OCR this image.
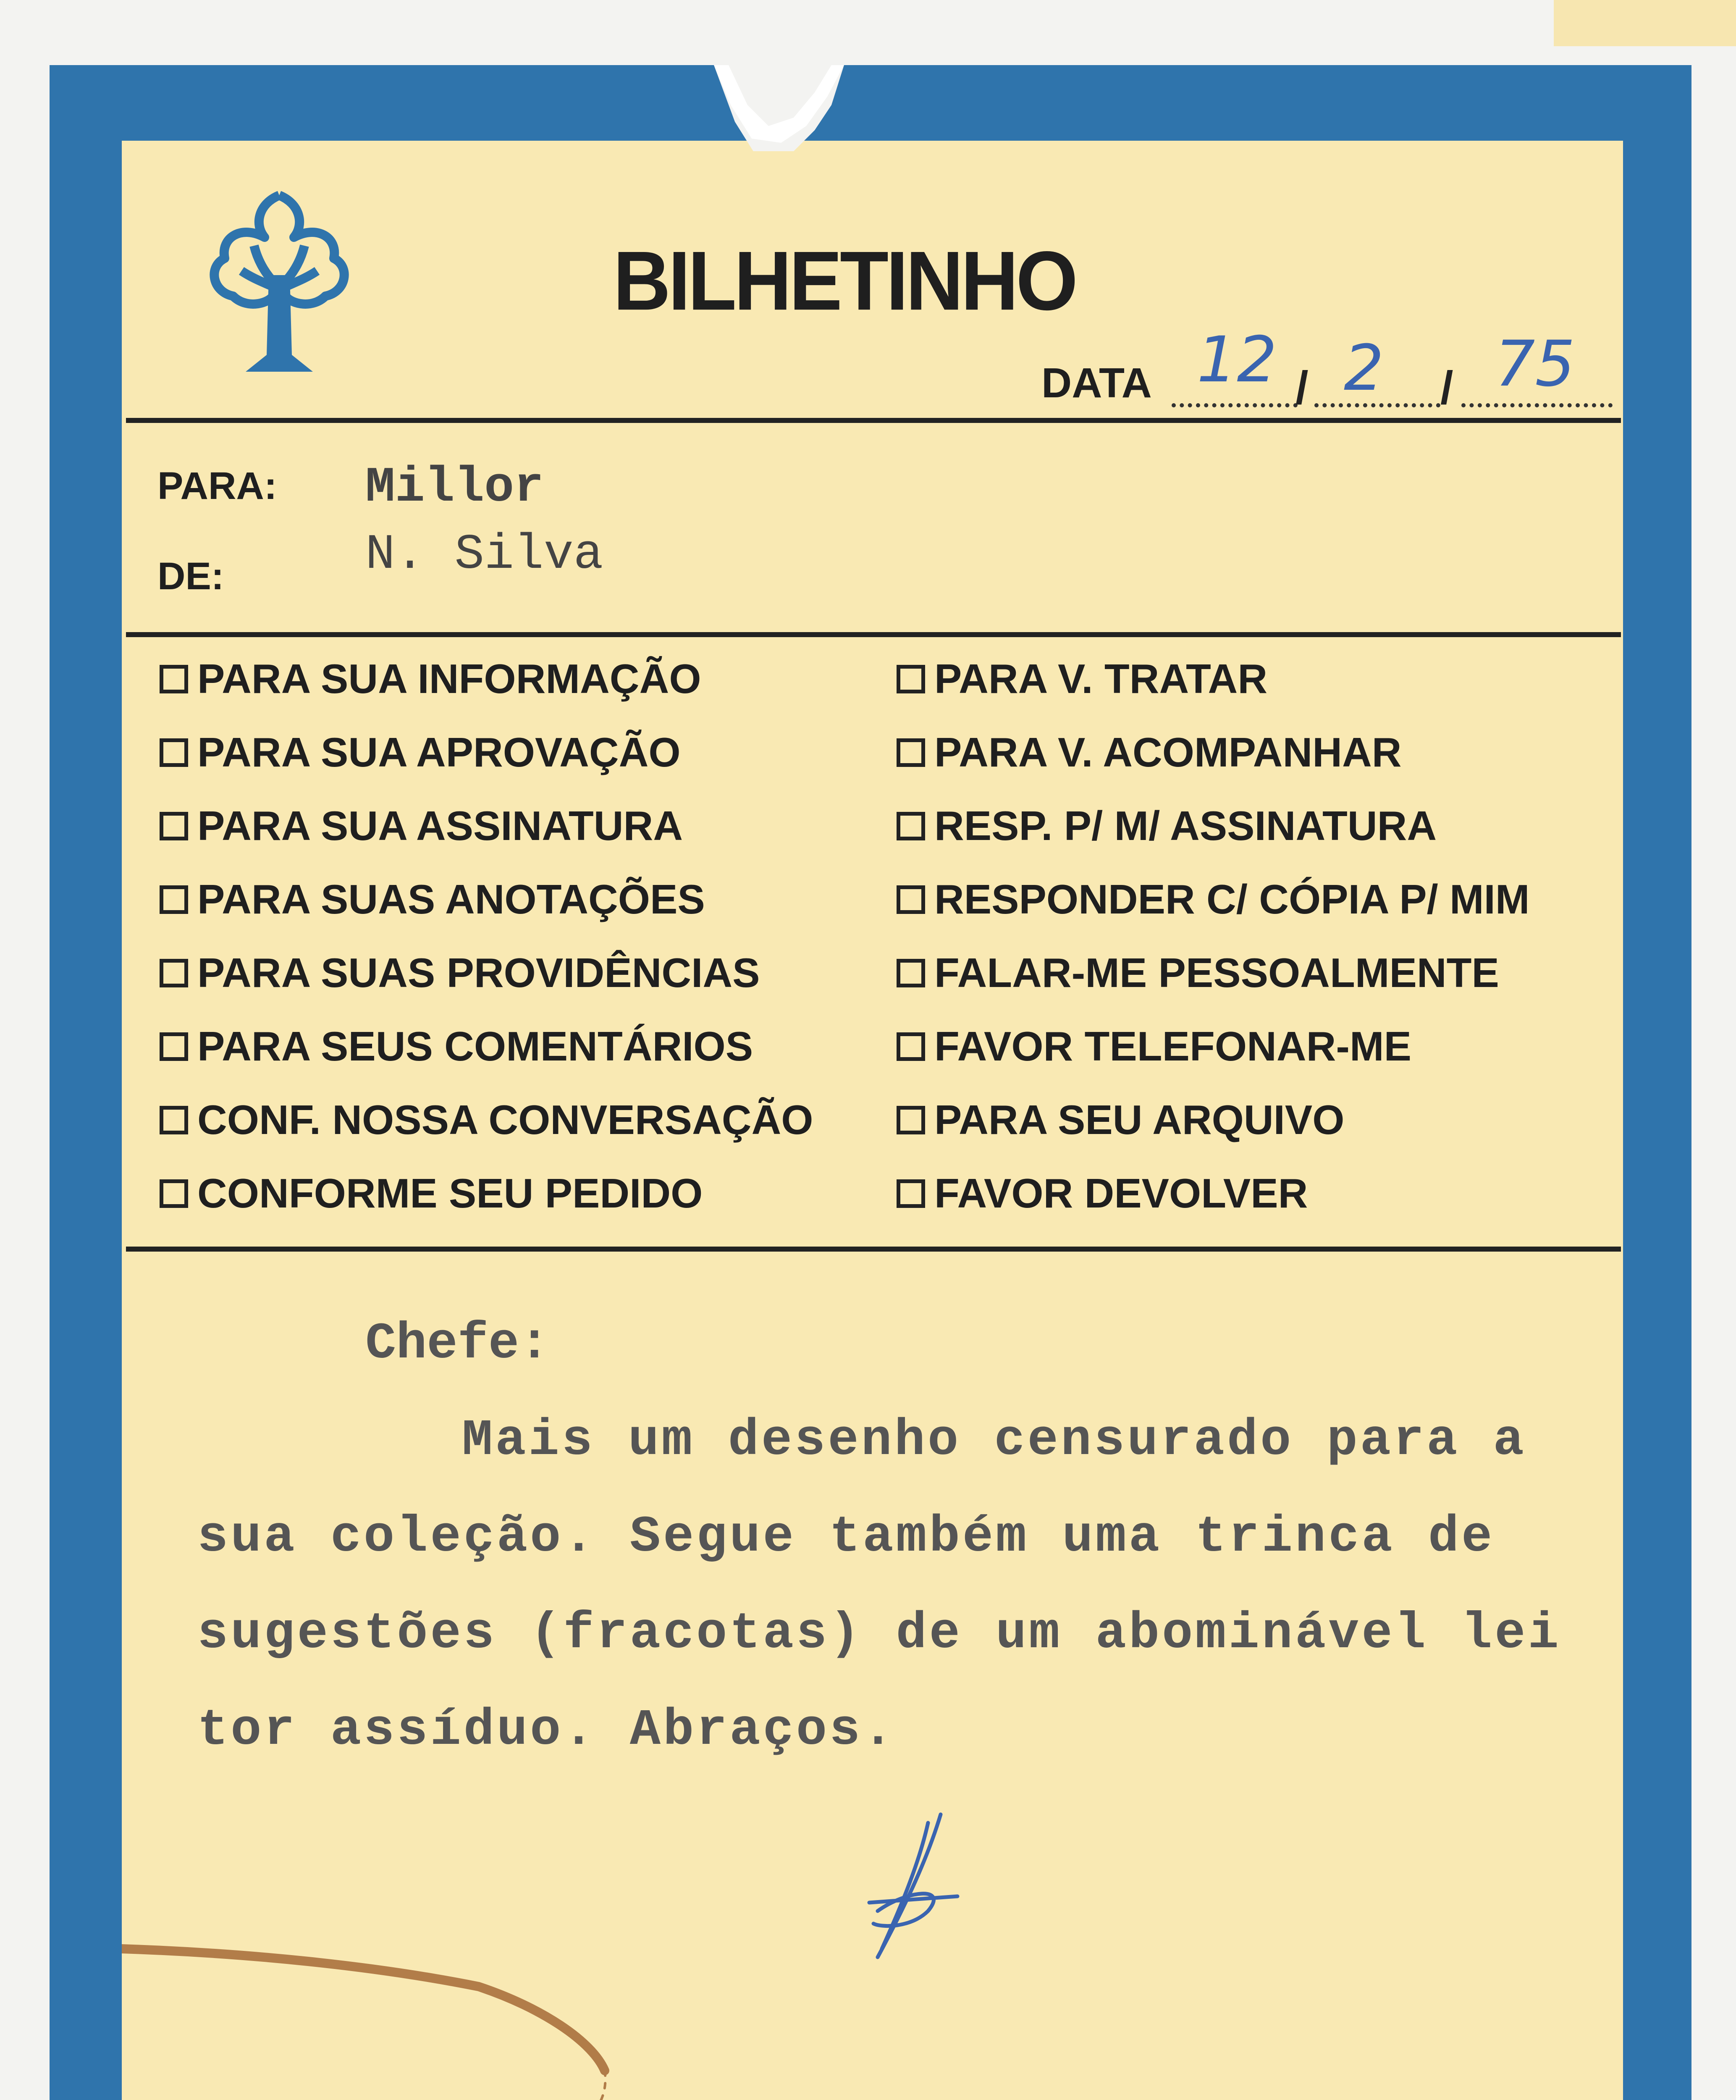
BILHETINHO
DATA	/	/
12 2 75
PARA: Millor
DE:	N. Silva
PARA SUA INFORMAÇÃO
PARA SUA APROVAÇÃO
PARA SUA ASSINATURA
PARA SUAS ANOTAÇÕES
PARA SUAS PROVIDÊNCIAS
PARA SEUS COMENTÁRIOS
CONF. NOSSA CONVERSAÇÃO
CONFORME SEU PEDIDO
PARA V. TRATAR
PARA V. ACOMPANHAR
RESP. P/ M/ ASSINATURA
RESPONDER C/ CÓPIA P/ MIM
FALAR-ME PESSOALMENTE
FAVOR TELEFONAR-ME
PARA SEU ARQUIVO
FAVOR DEVOLVER
Chefe:
Mais um desenho censurado para a
sua coleção. Segue também uma trinca de
sugestões (fracotas) de um abominável lei
tor assíduo. Abraços.
